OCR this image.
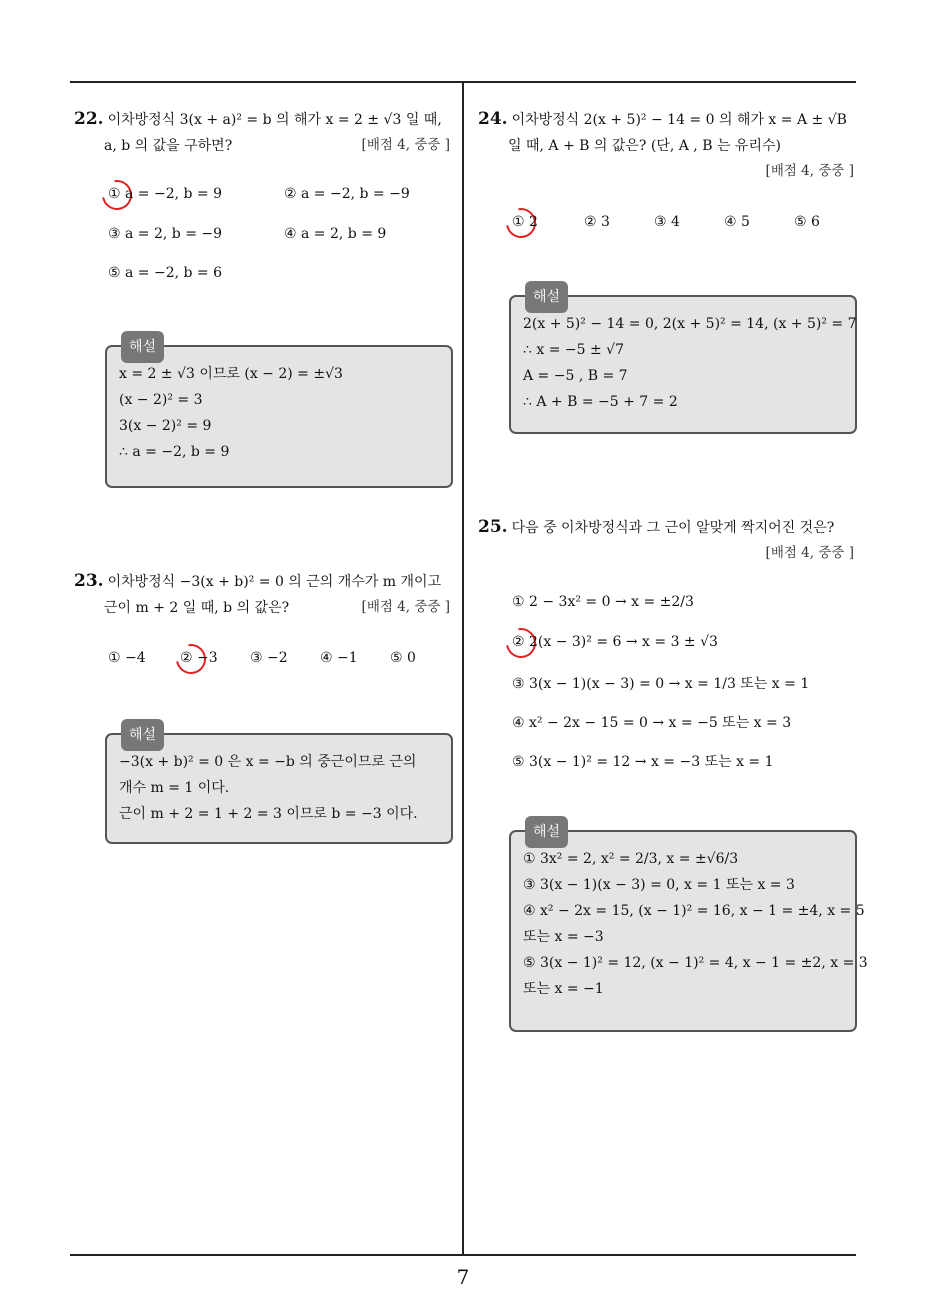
22. 이차방정식 3(x + a)² = b 의 해가 x = 2 ± √3 일 때,
a, b 의 값을 구하면?	[배점 4, 중중 ]
① a = −2, b = 9	② a = −2, b = −9
③ a = 2, b = −9	④ a = 2, b = 9
⑤ a = −2, b = 6
해설
x = 2 ± √3 이므로 (x − 2) = ±√3
(x − 2)² = 3
3(x − 2)² = 9
∴ a = −2, b = 9
23. 이차방정식 −3(x + b)² = 0 의 근의 개수가 m 개이고
근이 m + 2 일 때, b 의 값은?	[배점 4, 중중 ]
① −4 ② −3 ③ −2 ④ −1 ⑤ 0
해설
−3(x + b)² = 0 은 x = −b 의 중근이므로 근의
개수 m = 1 이다.
근이 m + 2 = 1 + 2 = 3 이므로 b = −3 이다.
24. 이차방정식 2(x + 5)² − 14 = 0 의 해가 x = A ± √B
일 때, A + B 의 값은? (단, A , B 는 유리수)
[배점 4, 중중 ]
① 2	② 3	③ 4	④ 5	⑤ 6
해설
2(x + 5)² − 14 = 0, 2(x + 5)² = 14, (x + 5)² = 7
∴ x = −5 ± √7
A = −5 , B = 7
∴ A + B = −5 + 7 = 2
25. 다음 중 이차방정식과 그 근이 알맞게 짝지어진 것은?
[배점 4, 중중 ]
① 2 − 3x² = 0 → x = ±2/3
② 2(x − 3)² = 6 → x = 3 ± √3
③ 3(x − 1)(x − 3) = 0 → x = 1/3 또는 x = 1
④ x² − 2x − 15 = 0 → x = −5 또는 x = 3
⑤ 3(x − 1)² = 12 → x = −3 또는 x = 1
해설
① 3x² = 2, x² = 2/3, x = ±√6/3
③ 3(x − 1)(x − 3) = 0, x = 1 또는 x = 3
④ x² − 2x = 15, (x − 1)² = 16, x − 1 = ±4, x = 5
또는 x = −3
⑤ 3(x − 1)² = 12, (x − 1)² = 4, x − 1 = ±2, x = 3
또는 x = −1
7
